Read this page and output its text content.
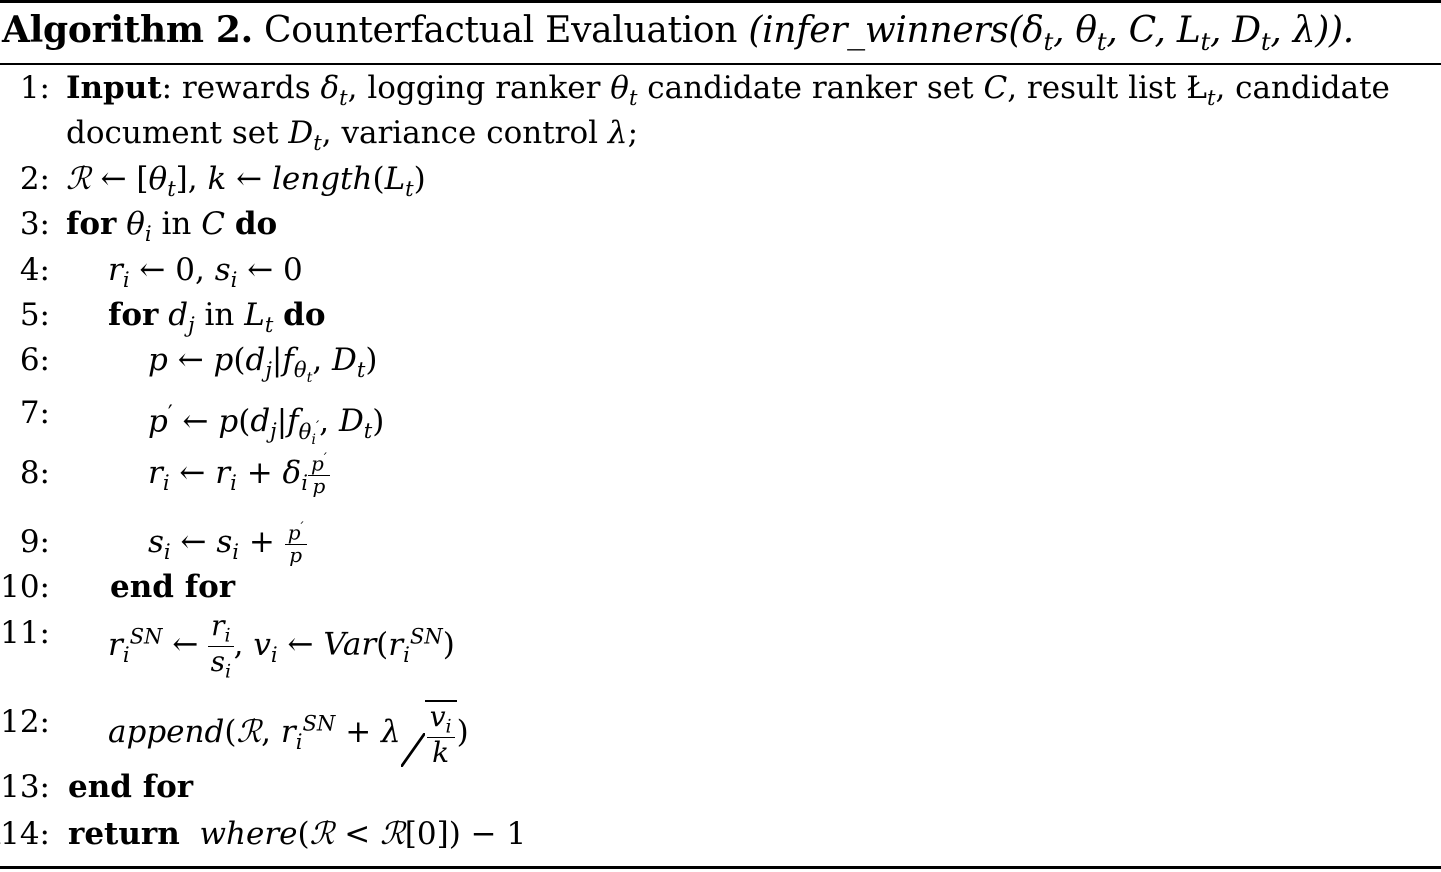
Algorithm 2. Counterfactual Evaluation ($infer\_winners(\delta_t$, $\theta_t$, C, $L_t$, $D_t$, λ)).
1: Input: rewards $\delta_t$, logging ranker $\theta_t$ candidate ranker set C, result list $Ł_t$, candidate
document set $D_t$, variance control λ;
2: ℛ ← $[\theta_t]$, k ← $length(L_t)$
3: for $\theta_i$ in C do
4: $r_i$ ← 0, $s_i$ ← 0
5: for $d_j$ in $L_t$ do
6:	p ← $p(d_j|f_{\theta_t}$, $D_t$)
7:	p′ ← $p(d_j|f_{\theta_i'}$, $D_t$)
8:	$r_i$ ← $r_i + \delta_i \frac{p'}{p}$
9:	$s_i$ ← $s_i + \frac{p'}{p}$
10: end for
11: $r_i^{SN}$ ← $\frac{r_i}{s_i}$ , $v_i$ ← $Var(r_i^{SN})$
12: append(ℛ, $r_i^{SN} + \lambda \frac{v_i}{k}$ )
13: end for
14: return where(ℛ < ℛ[0]) − 1
